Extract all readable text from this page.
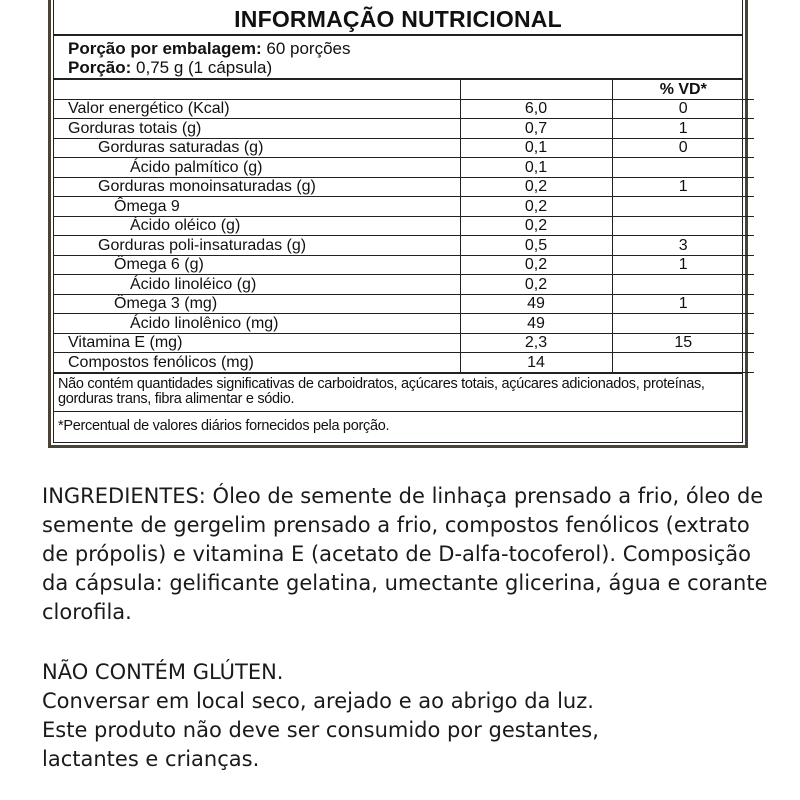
INFORMAÇÃO NUTRICIONAL
Porção por embalagem: 60 porções
Porção: 0,75 g (1 cápsula)
		% VD*
Valor energético (Kcal)	6,0	0
Gorduras totais (g)	0,7	1
Gorduras saturadas (g)	0,1	0
Ácido palmítico (g)	0,1	
Gorduras monoinsaturadas (g)	0,2	1
Ômega 9	0,2	
Ácido oléico (g)	0,2	
Gorduras poli-insaturadas (g)	0,5	3
Ômega 6 (g)	0,2	1
Ácido linoléico (g)	0,2	
Ômega 3 (mg)	49	1
Ácido linolênico (mg)	49	
Vitamina E (mg)	2,3	15
Compostos fenólicos (mg)	14	
Não contém quantidades significativas de carboidratos, açúcares totais, açúcares adicionados, proteínas, gorduras trans, fibra alimentar e sódio.
*Percentual de valores diários fornecidos pela porção.
INGREDIENTES: Óleo de semente de linhaça prensado a frio, óleo de semente de gergelim prensado a frio, compostos fenólicos (extrato de própolis) e vitamina E (acetato de D-alfa-tocoferol). Composição da cápsula: gelificante gelatina, umectante glicerina, água e corante clorofila.
NÃO CONTÉM GLÚTEN.
Conversar em local seco, arejado e ao abrigo da luz.
Este produto não deve ser consumido por gestantes,
lactantes e crianças.
